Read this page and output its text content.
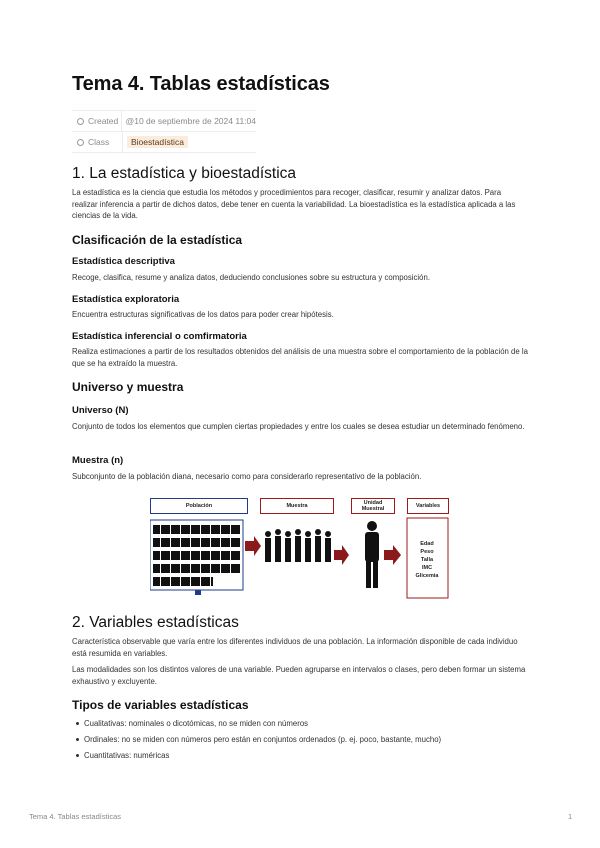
Tema 4. Tablas estadísticas
Created @10 de septiembre de 2024 11:04
Class	Bioestadística
1. La estadística y bioestadística

La estadística es la ciencia que estudia los métodos y procedimientos para recoger, clasificar, resumir y analizar datos. Para realizar inferencia a partir de dichos datos, debe tener en cuenta la variabilidad. La bioestadística es la estadística aplicada a las ciencias de la vida.

Clasificación de la estadística
Estadística descriptiva

Recoge, clasifica, resume y analiza datos, deduciendo conclusiones sobre su estructura y composición.

Estadística exploratoria

Encuentra estructuras significativas de los datos para poder crear hipótesis.

Estadística inferencial o comfirmatoria

Realiza estimaciones a partir de los resultados obtenidos del análisis de una muestra sobre el comportamiento de la población de la que se ha extraído la muestra.

Universo y muestra
Universo (N)

Conjunto de todos los elementos que cumplen ciertas propiedades y entre los cuales se desea estudiar un determinado fenómeno.

Muestra (n)

Subconjunto de la población diana, necesario como para considerarlo representativo de la población.

2. Variables estadísticas

Característica observable que varía entre los diferentes individuos de una población. La información disponible de cada individuo está resumida en variables.

Las modalidades son los distintos valores de una variable. Pueden agruparse en intervalos o clases, pero deben formar un sistema exhaustivo y excluyente.

Tipos de variables estadísticas
Cualitativas: nominales o dicotómicas, no se miden con números
Ordinales: no se miden con números pero están en conjuntos ordenados (p. ej. poco, bastante, mucho)
Cuantitativas: numéricas
Población	Muestra	Unidad Muestral	Variables
Edad
Peso
Talla
IMC
Glicemia
Tema 4. Tablas estadísticas	1
